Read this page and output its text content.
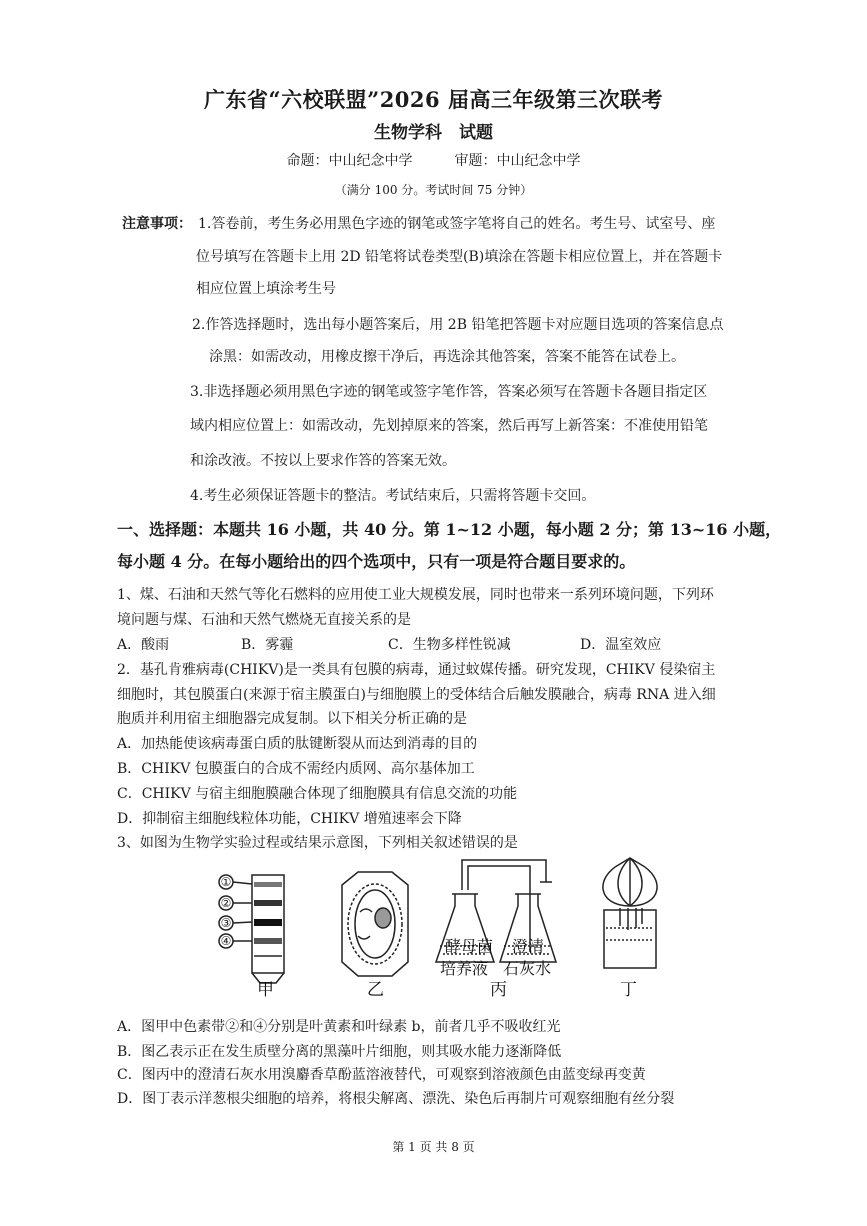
广东省“六校联盟”2026 届高三年级第三次联考
生物学科　试题
命题：中山纪念中学　　　审题：中山纪念中学
（满分 100 分。考试时间 75 分钟）
注意事项： 1.答卷前，考生务必用黑色字迹的钢笔或签字笔将自己的姓名。考生号、试室号、座
位号填写在答题卡上用 2D 铅笔将试卷类型(B)填涂在答题卡相应位置上，并在答题卡
相应位置上填涂考生号
2.作答选择题时，选出每小题答案后，用 2B 铅笔把答题卡对应题目选项的答案信息点
涂黑：如需改动，用橡皮擦干净后，再选涂其他答案，答案不能答在试卷上。
3.非选择题必须用黑色字迹的钢笔或签字笔作答，答案必须写在答题卡各题目指定区
域内相应位置上：如需改动，先划掉原来的答案，然后再写上新答案：不准使用铅笔
和涂改液。不按以上要求作答的答案无效。
4.考生必须保证答题卡的整洁。考试结束后，只需将答题卡交回。
一、选择题：本题共 16 小题，共 40 分。第 1~12 小题，每小题 2 分；第 13~16 小题，
每小题 4 分。在每小题给出的四个选项中，只有一项是符合题目要求的。
1、煤、石油和天然气等化石燃料的应用使工业大规模发展，同时也带来一系列环境问题，下列环
境问题与煤、石油和天然气燃烧无直接关系的是
A．酸雨	B．雾霾	C．生物多样性锐减	D．温室效应
2．基孔肯雅病毒(CHIKV)是一类具有包膜的病毒，通过蚊媒传播。研究发现，CHIKV 侵染宿主
细胞时，其包膜蛋白(来源于宿主膜蛋白)与细胞膜上的受体结合后触发膜融合，病毒 RNA 进入细
胞质并利用宿主细胞器完成复制。以下相关分析正确的是
A．加热能使该病毒蛋白质的肽键断裂从而达到消毒的目的
B．CHIKV 包膜蛋白的合成不需经内质网、高尔基体加工
C．CHIKV 与宿主细胞膜融合体现了细胞膜具有信息交流的功能
D．抑制宿主细胞线粒体功能，CHIKV 增殖速率会下降
3、如图为生物学实验过程或结果示意图，下列相关叙述错误的是
①
②
③
④	酵母菌
培养液
澄清
石灰水
甲	乙	丙	丁
A．图甲中色素带②和④分别是叶黄素和叶绿素 b，前者几乎不吸收红光
B．图乙表示正在发生质壁分离的黑藻叶片细胞，则其吸水能力逐渐降低
C．图丙中的澄清石灰水用溴麝香草酚蓝溶液替代，可观察到溶液颜色由蓝变绿再变黄
D．图丁表示洋葱根尖细胞的培养，将根尖解离、漂洗、染色后再制片可观察细胞有丝分裂
第 1 页 共 8 页
